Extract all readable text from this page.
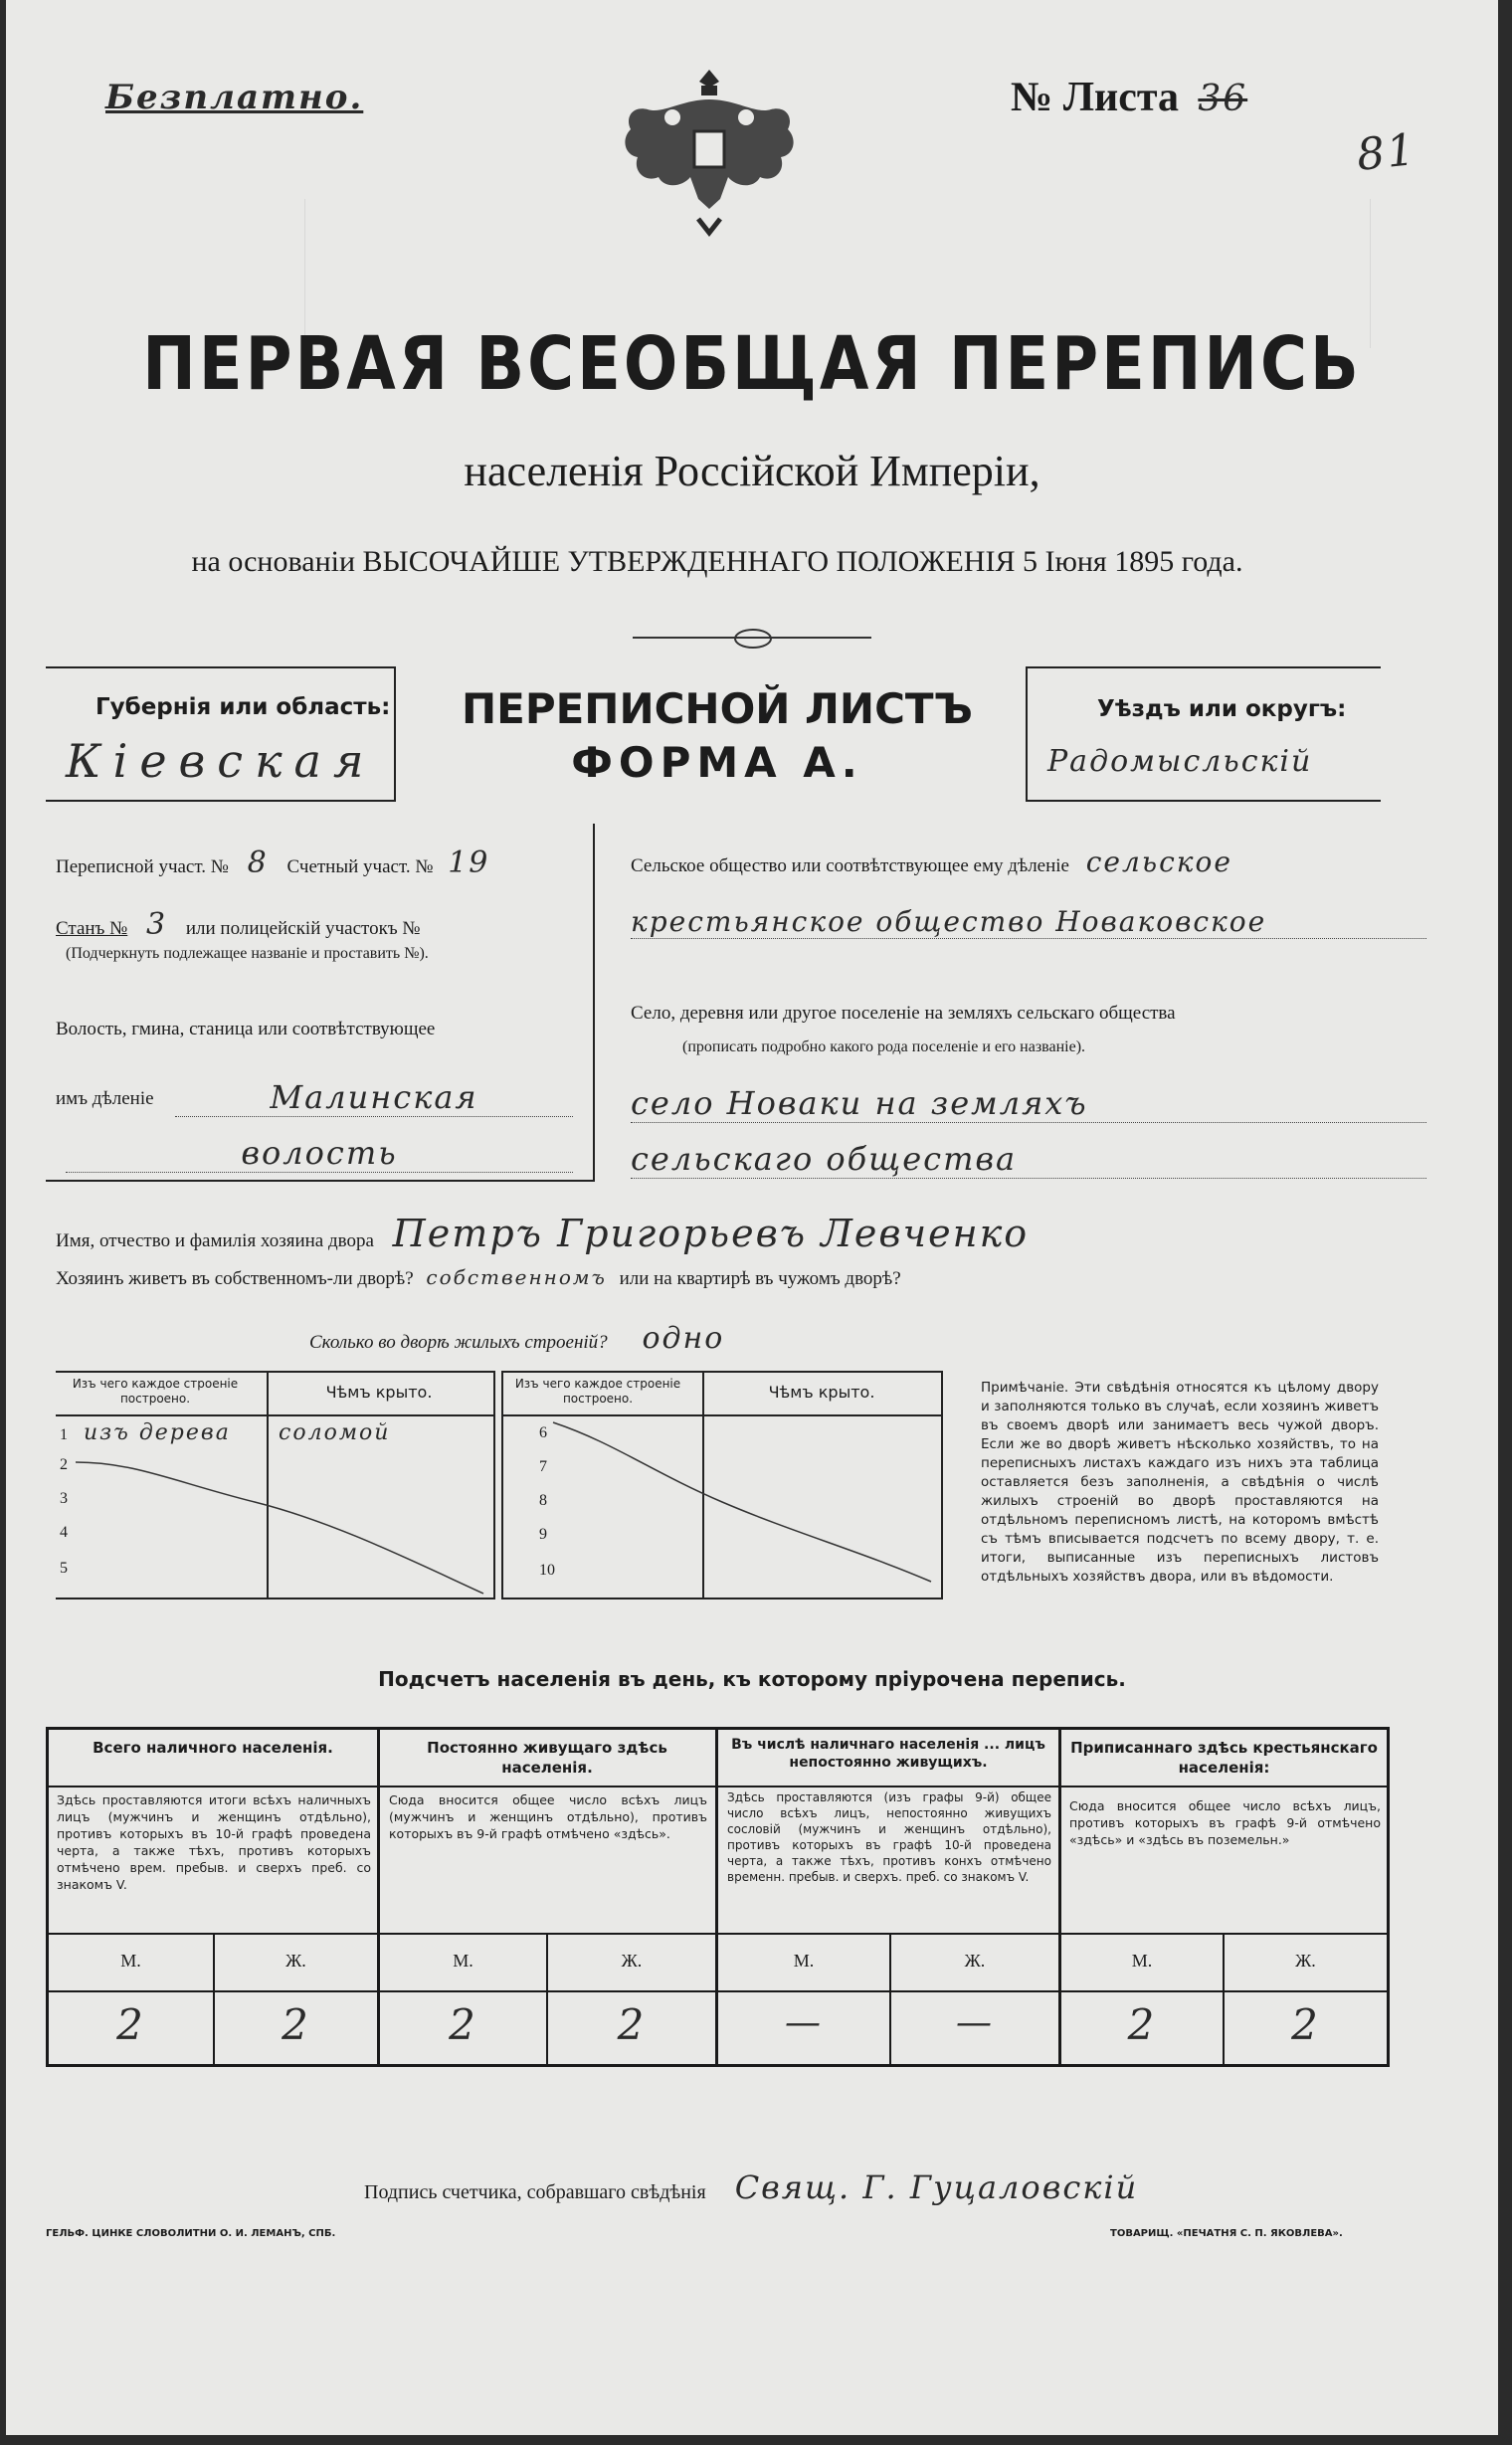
Безплатно.	№ Листа 36
81
ПЕРВАЯ ВСЕОБЩАЯ ПЕРЕПИСЬ
населенія Россійской Имперіи,
на основаніи ВЫСОЧАЙШЕ УТВЕРЖДЕННАГО ПОЛОЖЕНІЯ 5 Іюня 1895 года.
Губернія или область:
Кіевская
ПЕРЕПИСНОЙ ЛИСТЪ
ФОРМА А.
Уѣздъ или округъ:
Радомысльскій
Переписной участ. № 8 Счетный участ. № 19
Станъ № 3 или полицейскій участокъ №
(Подчеркнуть подлежащее названіе и проставить №).
Волость, гмина, станица или соотвѣтствующее
имъ дѣленіе	Малинская
волость
Сельское общество или соотвѣтствующее ему дѣленіе сельское
крестьянское общество Новаковское
Село, деревня или другое поселеніе на земляхъ сельскаго общества
(прописать подробно какого рода поселеніе и его названіе).
село Новаки на земляхъ
сельскаго общества
Имя, отчество и фамилія хозяина двора Петръ Григорьевъ Левченко
Хозяинъ живетъ въ собственномъ-ли дворѣ? собственномъ или на квартирѣ въ чужомъ дворѣ?
Сколько во дворѣ жилыхъ строеній? одно
Изъ чего каждое строеніе построено.	Чѣмъ крыто.
1 изъ дерева соломой
2
3
4
5
Изъ чего каждое строеніе построено.	Чѣмъ крыто.
6
7
8
9
10
Примѣчаніе. Эти свѣдѣнія относятся къ цѣлому двору и заполняются только въ случаѣ, если хозяинъ живетъ въ своемъ дворѣ или занимаетъ весь чужой дворъ. Если же во дворѣ живетъ нѣсколько хозяйствъ, то на переписныхъ листахъ каждаго изъ нихъ эта таблица оставляется безъ заполненія, а свѣдѣнія о числѣ жилыхъ строеній во дворѣ проставляются на отдѣльномъ переписномъ листѣ, на которомъ вмѣстѣ съ тѣмъ вписывается подсчетъ по всему двору, т. е. итоги, выписанные изъ переписныхъ листовъ отдѣльныхъ хозяйствъ двора, или въ вѣдомости.
Подсчетъ населенія въ день, къ которому пріурочена перепись.
Всего наличного населенія.
Здѣсь проставляются итоги всѣхъ наличныхъ лицъ (мужчинъ и женщинъ отдѣльно), противъ которыхъ въ 10-й графѣ проведена черта, а также тѣхъ, противъ которыхъ отмѣчено врем. пребыв. и сверхъ преб. со знакомъ V.
М.	Ж.
2	2
Постоянно живущаго здѣсь населенія.
Сюда вносится общее число всѣхъ лицъ (мужчинъ и женщинъ отдѣльно), противъ которыхъ въ 9-й графѣ отмѣчено «здѣсь».
М.	Ж.
2	2
Въ числѣ наличнаго населенія ... лицъ непостоянно живущихъ.
Здѣсь проставляются (изъ графы 9-й) общее число всѣхъ лицъ, непостоянно живущихъ сословій (мужчинъ и женщинъ отдѣльно), противъ которыхъ въ графѣ 10-й проведена черта, а также тѣхъ, противъ конхъ отмѣчено временн. пребыв. и сверхъ. преб. со знакомъ V.
М.	Ж.
—	—
Приписаннаго здѣсь крестьянскаго населенія:
Сюда вносится общее число всѣхъ лицъ, противъ которыхъ въ графѣ 9-й отмѣчено «здѣсь» и «здѣсь въ поземельн.»
М.	Ж.
2	2
Подпись счетчика, собравшаго свѣдѣнія Свящ. Г. Гуцаловскій
ГЕЛЬФ. ЦИНКЕ СЛОВОЛИТНИ О. И. ЛЕМАНЪ, СПБ.	ТОВАРИЩ. «ПЕЧАТНЯ С. П. ЯКОВЛЕВА».
